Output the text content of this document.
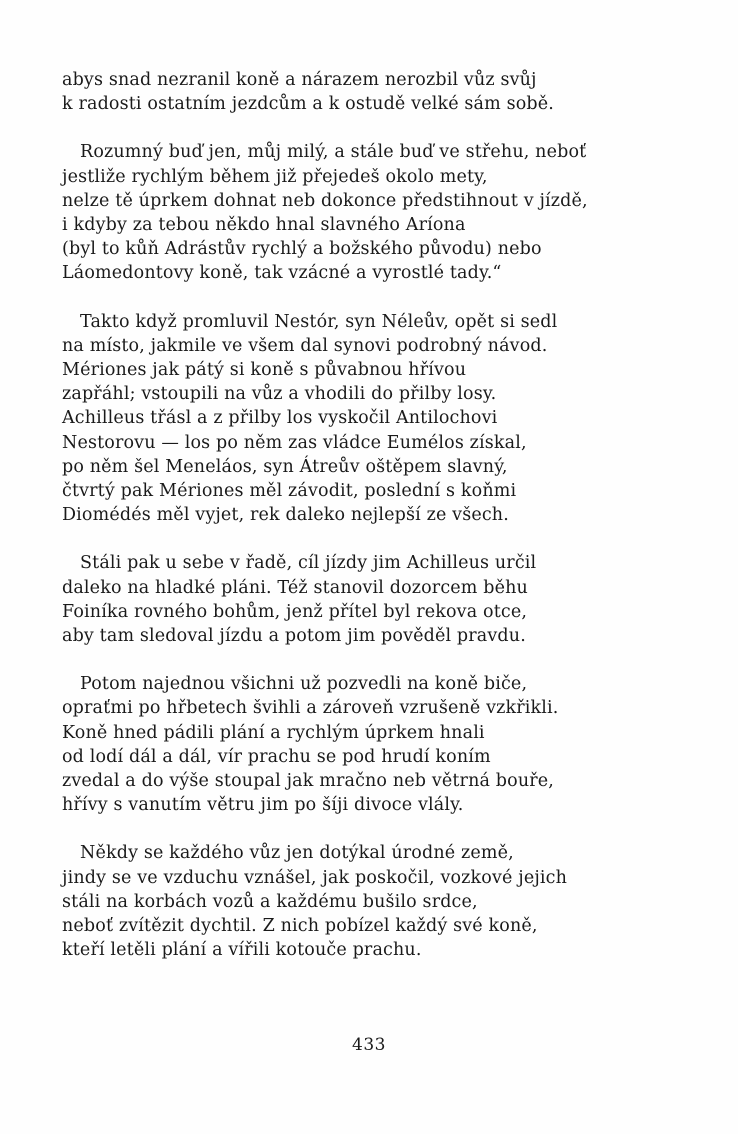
abys snad nezranil koně a nárazem nerozbil vůz svůj
k radosti ostatním jezdcům a k ostudě velké sám sobě.
Rozumný buď jen, můj milý, a stále buď ve střehu, neboť
jestliže rychlým během již přejedeš okolo mety,
nelze tě úprkem dohnat neb dokonce předstihnout v jízdě,
i kdyby za tebou někdo hnal slavného Aríona
(byl to kůň Adrástův rychlý a božského původu) nebo
Láomedontovy koně, tak vzácné a vyrostlé tady.“
Takto když promluvil Nestór, syn Néleův, opět si sedl
na místo, jakmile ve všem dal synovi podrobný návod.
Mériones jak pátý si koně s půvabnou hřívou
zapřáhl; vstoupili na vůz a vhodili do přilby losy.
Achilleus třásl a z přilby los vyskočil Antilochovi
Nestorovu — los po něm zas vládce Eumélos získal,
po něm šel Meneláos, syn Átreův oštěpem slavný,
čtvrtý pak Mériones měl závodit, poslední s koňmi
Diomédés měl vyjet, rek daleko nejlepší ze všech.
Stáli pak u sebe v řadě, cíl jízdy jim Achilleus určil
daleko na hladké pláni. Též stanovil dozorcem běhu
Foiníka rovného bohům, jenž přítel byl rekova otce,
aby tam sledoval jízdu a potom jim pověděl pravdu.
Potom najednou všichni už pozvedli na koně biče,
opraťmi po hřbetech švihli a zároveň vzrušeně vzkřikli.
Koně hned pádili plání a rychlým úprkem hnali
od lodí dál a dál, vír prachu se pod hrudí koním
zvedal a do výše stoupal jak mračno neb větrná bouře,
hřívy s vanutím větru jim po šíji divoce vlály.
Někdy se každého vůz jen dotýkal úrodné země,
jindy se ve vzduchu vznášel, jak poskočil, vozkové jejich
stáli na korbách vozů a každému bušilo srdce,
neboť zvítězit dychtil. Z nich pobízel každý své koně,
kteří letěli plání a vířili kotouče prachu.
433
